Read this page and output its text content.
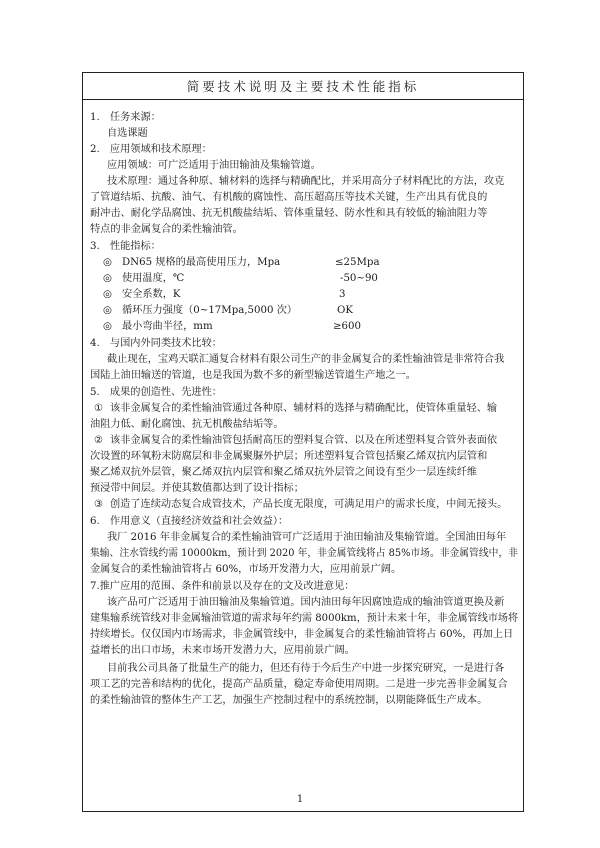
简要技术说明及主要技术性能指标
1.　任务来源：
自选课题
2.　应用领域和技术原理：
应用领域：可广泛适用于油田输油及集输管道。
技术原理：通过各种原、辅材料的选择与精确配比，并采用高分子材料配比的方法，攻克
了管道结垢、抗酸、油气、有机酸的腐蚀性、高压超高压等技术关键，生产出具有优良的
耐冲击、耐化学品腐蚀、抗无机酸盐结垢、管体重量轻、防水性和具有较低的输油阻力等
特点的非金属复合的柔性输油管。
3.　性能指标：
◎ DN65 规格的最高使用压力，Mpa	≤25Mpa
◎ 使用温度，℃	-50~90
◎ 安全系数，K	3
◎ 循环压力强度（0~17Mpa,5000 次）	OK
◎ 最小弯曲半径，mm	≥600
4.　与国内外同类技术比较：
截止现在，宝鸡天联汇通复合材料有限公司生产的非金属复合的柔性输油管是非常符合我
国陆上油田输送的管道，也是我国为数不多的新型输送管道生产地之一。
5.　成果的创造性、先进性：
① 该非金属复合的柔性输油管通过各种原、辅材料的选择与精确配比，使管体重量轻、输
油阻力低、耐化腐蚀、抗无机酸盐结垢等。
② 该非金属复合的柔性输油管包括耐高压的塑料复合管、以及在所述塑料复合管外表面依
次设置的环氧粉末防腐层和非金属聚脲外护层；所述塑料复合管包括聚乙烯双抗内层管和
聚乙烯双抗外层管，聚乙烯双抗内层管和聚乙烯双抗外层管之间设有至少一层连续纤维
预浸带中间层。并使其数值都达到了设计指标；
③ 创造了连续动态复合成管技术，产品长度无限度，可满足用户的需求长度，中间无接头。
6.　作用意义（直接经济效益和社会效益）：
我厂 2016 年非金属复合的柔性输油管可广泛适用于油田输油及集输管道。全国油田每年
集输、注水管线约需 10000km，预计到 2020 年，非金属管线将占 85%市场。非金属管线中，非
金属复合的柔性输油管将占 60%，市场开发潜力大，应用前景广阔。
7.推广应用的范围、条件和前景以及存在的文及改进意见：
该产品可广泛适用于油田输油及集输管道。国内油田每年因腐蚀造成的输油管道更换及新
建集输系统管线对非金属输油管道的需求每年约需 8000km，预计未来十年，非金属管线市场将
持续增长。仅仅国内市场需求，非金属管线中，非金属复合的柔性输油管将占 60%，再加上日
益增长的出口市场，未来市场开发潜力大，应用前景广阔。
目前我公司具备了批量生产的能力，但还有待于今后生产中进一步探究研究，一是进行各
项工艺的完善和结构的优化，提高产品质量，稳定寿命使用周期。二是进一步完善非金属复合
的柔性输油管的整体生产工艺，加强生产控制过程中的系统控制，以期能降低生产成本。
1
